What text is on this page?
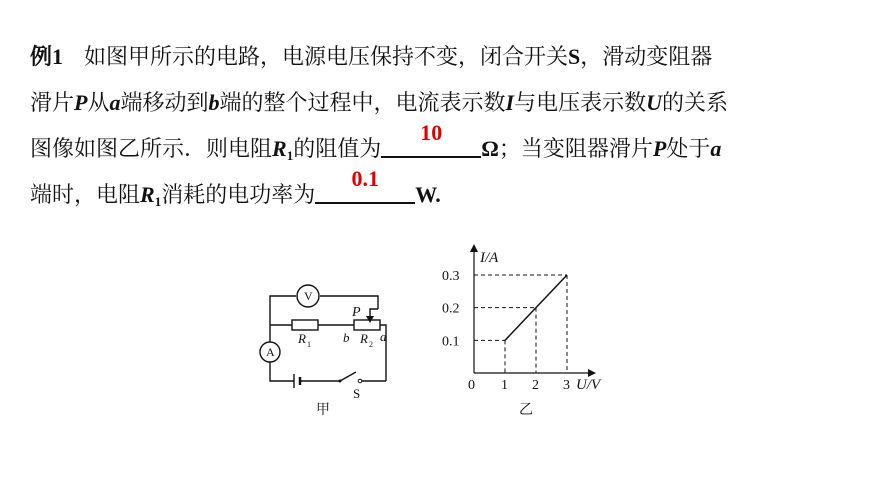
例1 如图甲所示的电路，电源电压保持不变，闭合开关S，滑动变阻器
滑片P从a端移动到b端的整个过程中，电流表示数I与电压表示数U的关系
图像如图乙所示．则电阻$R_1$的阻值为
10
Ω；当变阻器滑片P处于a
端时，电阻$R_1$消耗的电功率为
0.1
W.
V
A
R 1	R 2
P
b a
S
甲
1 2 3
0.1
0.2
0.3
I/A
U/V
0
乙
